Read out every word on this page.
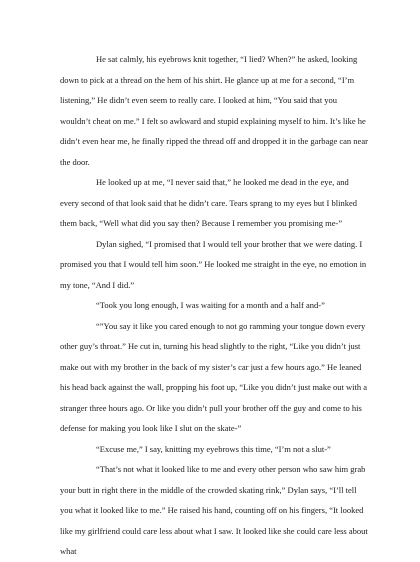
He sat calmly, his eyebrows knit together, “I lied? When?” he asked, looking down to pick at a thread on the hem of his shirt. He glance up at me for a second, “I’m listening,” He didn’t even seem to really care. I looked at him, “You said that you wouldn’t cheat on me.” I felt so awkward and stupid explaining myself to him. It’s like he didn’t even hear me, he finally ripped the thread off and dropped it in the garbage can near the door.

He looked up at me, “I never said that,” he looked me dead in the eye, and every second of that look said that he didn’t care. Tears sprang to my eyes but I blinked them back, “Well what did you say then? Because I remember you promising me-”

Dylan sighed, “I promised that I would tell your brother that we were dating. I promised you that I would tell him soon.” He looked me straight in the eye, no emotion in my tone, “And I did.”

“Took you long enough, I was waiting for a month and a half and-”

“”You say it like you cared enough to not go ramming your tongue down every other guy’s throat.” He cut in, turning his head slightly to the right, “Like you didn’t just make out with my brother in the back of my sister’s car just a few hours ago.” He leaned his head back against the wall, propping his foot up, “Like you didn’t just make out with a stranger three hours ago. Or like you didn’t pull your brother off the guy and come to his defense for making you look like I slut on the skate-”

“Excuse me,” I say, knitting my eyebrows this time, “I’m not a slut-”

“That’s not what it looked like to me and every other person who saw him grab your butt in right there in the middle of the crowded skating rink,” Dylan says, “I’ll tell you what it looked like to me.” He raised his hand, counting off on his fingers, “It looked like my girlfriend could care less about what I saw. It looked like she could care less about what
